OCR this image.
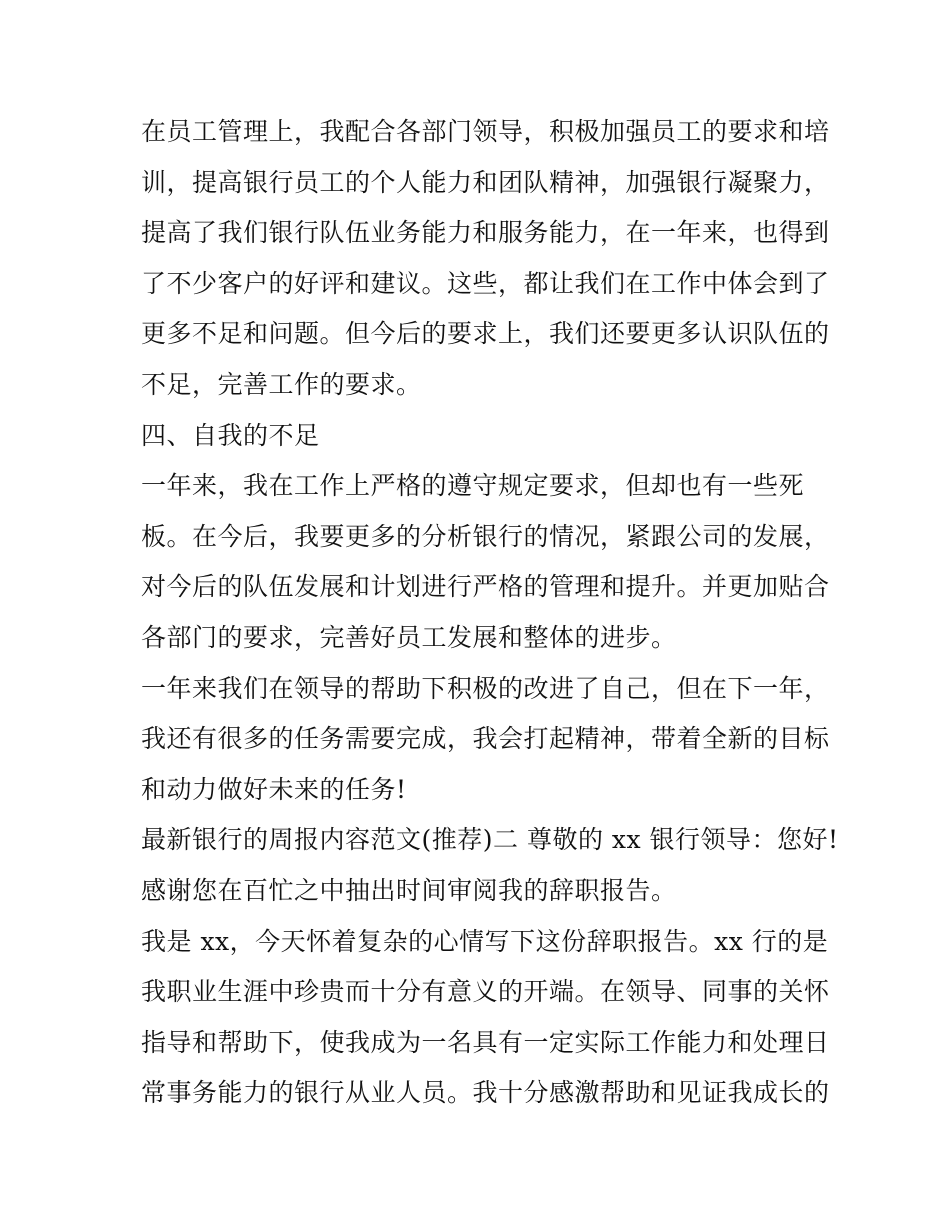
在员工管理上，我配合各部门领导，积极加强员工的要求和培
训，提高银行员工的个人能力和团队精神，加强银行凝聚力，
提高了我们银行队伍业务能力和服务能力，在一年来，也得到
了不少客户的好评和建议。这些，都让我们在工作中体会到了
更多不足和问题。但今后的要求上，我们还要更多认识队伍的
不足，完善工作的要求。
四、自我的不足
一年来，我在工作上严格的遵守规定要求，但却也有一些死
板。在今后，我要更多的分析银行的情况，紧跟公司的发展，
对今后的队伍发展和计划进行严格的管理和提升。并更加贴合
各部门的要求，完善好员工发展和整体的进步。
一年来我们在领导的帮助下积极的改进了自己，但在下一年，
我还有很多的任务需要完成，我会打起精神，带着全新的目标
和动力做好未来的任务!
最新银行的周报内容范文(推荐)二 尊敬的 xx 银行领导：您好!
感谢您在百忙之中抽出时间审阅我的辞职报告。
我是 xx，今天怀着复杂的心情写下这份辞职报告。xx 行的是
我职业生涯中珍贵而十分有意义的开端。在领导、同事的关怀
指导和帮助下，使我成为一名具有一定实际工作能力和处理日
常事务能力的银行从业人员。我十分感激帮助和见证我成长的
